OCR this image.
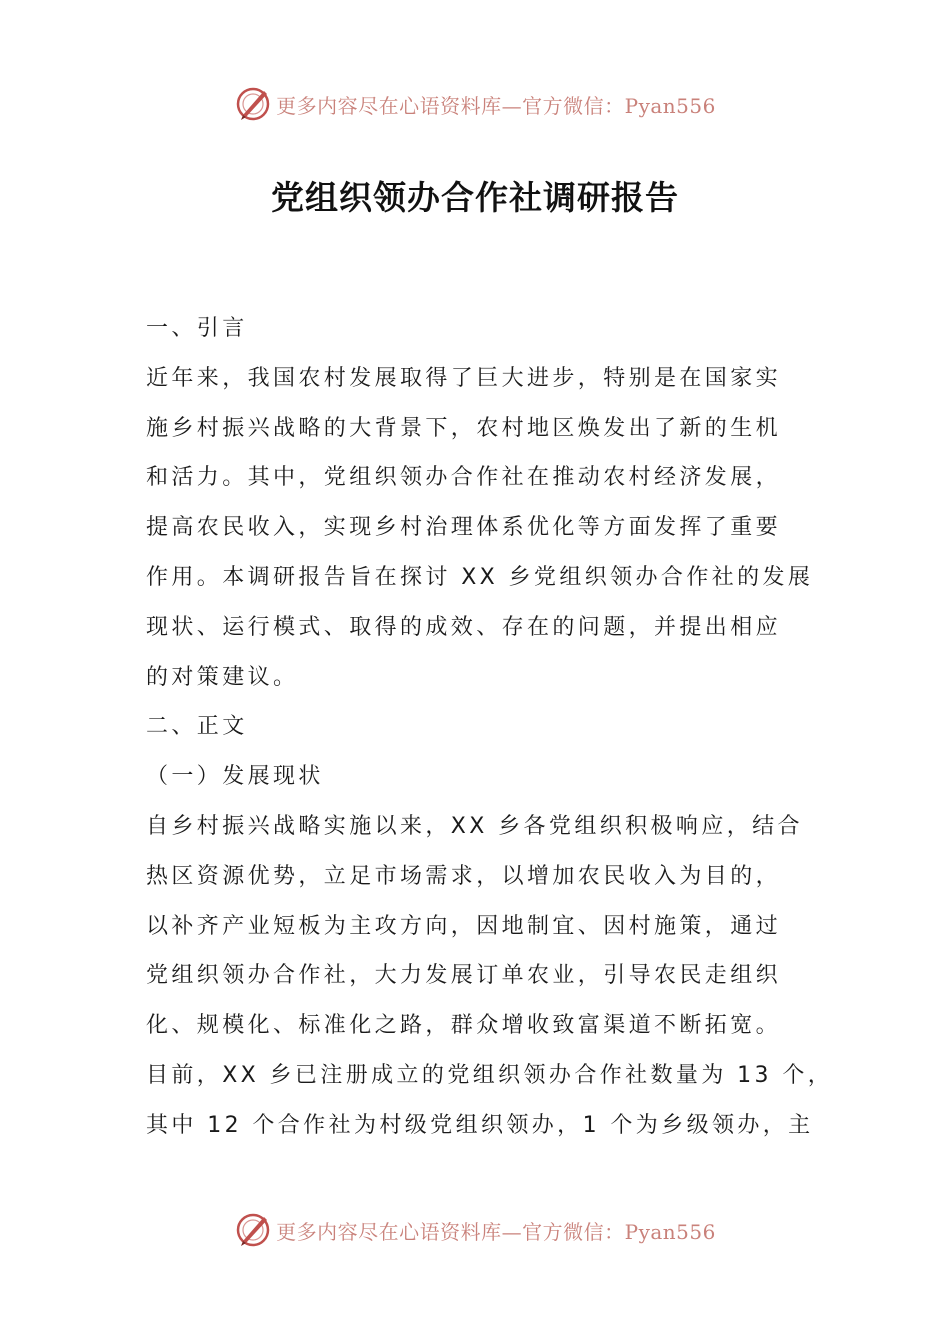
更多内容尽在心语资料库—官方微信：Pyan556
党组织领办合作社调研报告
一、引言
近年来，我国农村发展取得了巨大进步，特别是在国家实
施乡村振兴战略的大背景下，农村地区焕发出了新的生机
和活力。其中，党组织领办合作社在推动农村经济发展，
提高农民收入，实现乡村治理体系优化等方面发挥了重要
作用。本调研报告旨在探讨 XX 乡党组织领办合作社的发展
现状、运行模式、取得的成效、存在的问题，并提出相应
的对策建议。
二、正文
（一）发展现状
自乡村振兴战略实施以来，XX 乡各党组织积极响应，结合
热区资源优势，立足市场需求，以增加农民收入为目的，
以补齐产业短板为主攻方向，因地制宜、因村施策，通过
党组织领办合作社，大力发展订单农业，引导农民走组织
化、规模化、标准化之路，群众增收致富渠道不断拓宽。
目前，XX 乡已注册成立的党组织领办合作社数量为 13 个，
其中 12 个合作社为村级党组织领办，1 个为乡级领办，主
更多内容尽在心语资料库—官方微信：Pyan556
